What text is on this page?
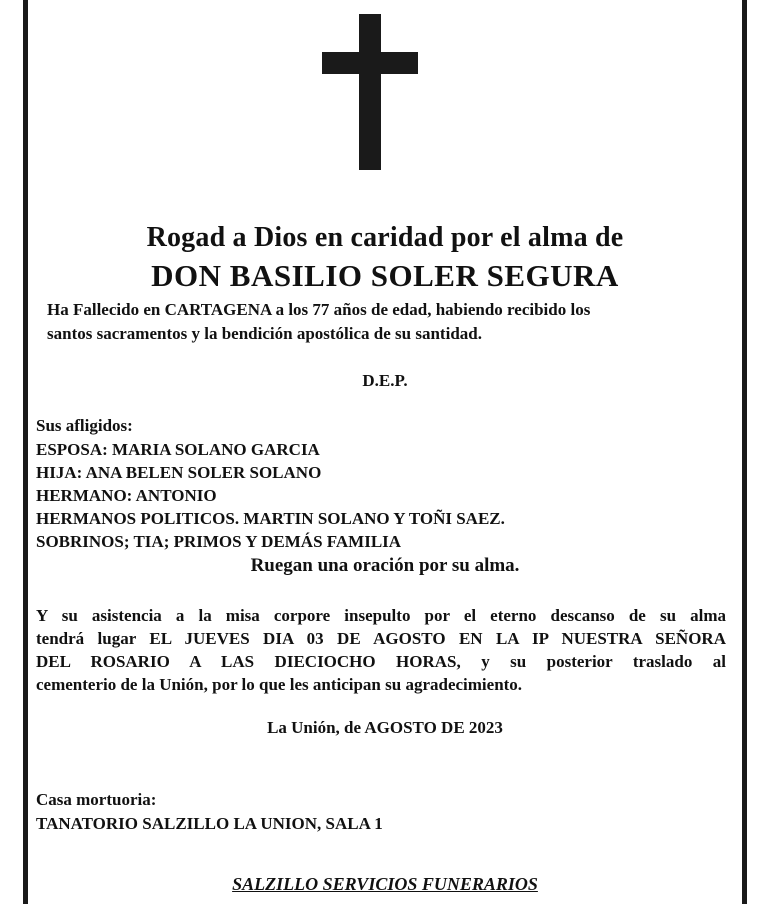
Rogad a Dios en caridad por el alma de
DON BASILIO SOLER SEGURA
Ha Fallecido en CARTAGENA a los 77 años de edad, habiendo recibido los
santos sacramentos y la bendición apostólica de su santidad.
D.E.P.
Sus afligidos:
ESPOSA: MARIA SOLANO GARCIA
HIJA: ANA BELEN SOLER SOLANO
HERMANO: ANTONIO
HERMANOS POLITICOS. MARTIN SOLANO Y TOÑI SAEZ.
SOBRINOS; TIA; PRIMOS Y DEMÁS FAMILIA
Ruegan una oración por su alma.
Y su asistencia a la misa corpore insepulto por el eterno descanso de su alma
tendrá lugar EL JUEVES DIA 03 DE AGOSTO EN LA IP NUESTRA SEÑORA
DEL ROSARIO A LAS DIECIOCHO HORAS, y su posterior traslado al
cementerio de la Unión, por lo que les anticipan su agradecimiento.
La Unión, de AGOSTO DE 2023
Casa mortuoria:
TANATORIO SALZILLO LA UNION, SALA 1
SALZILLO SERVICIOS FUNERARIOS
